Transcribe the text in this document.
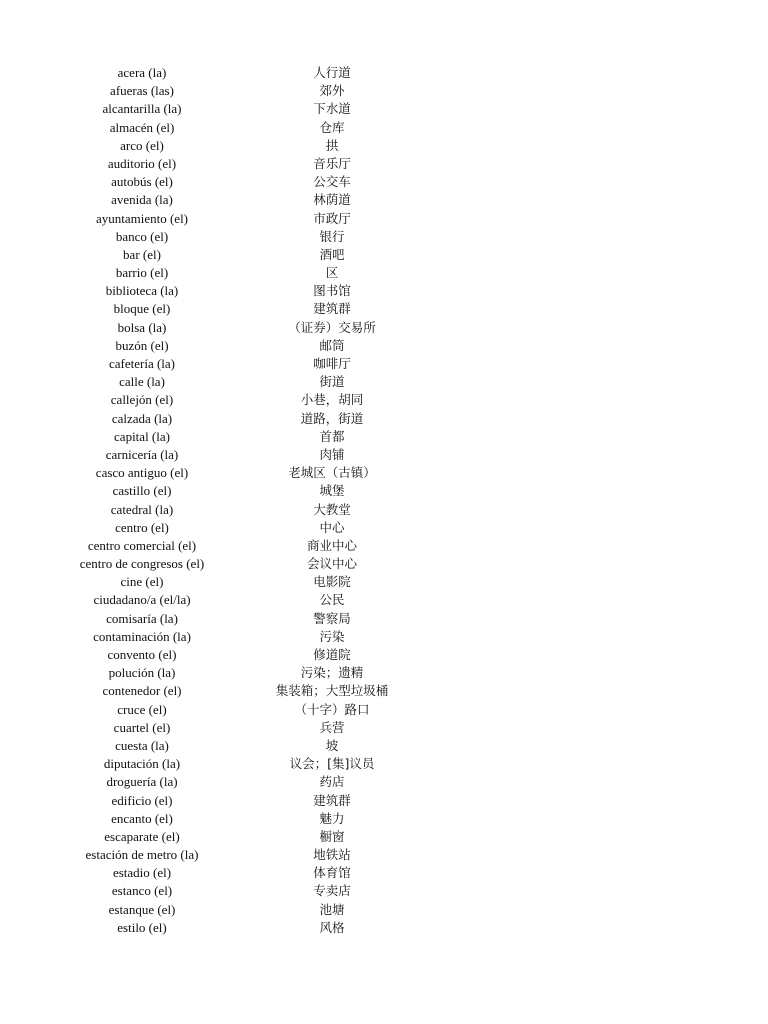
acera (la)	人行道
afueras (las)	郊外
alcantarilla (la)	下水道
almacén (el)	仓库
arco (el)	拱
auditorio (el)	音乐厅
autobús (el)	公交车
avenida (la)	林荫道
ayuntamiento (el)	市政厅
banco (el)	银行
bar (el)	酒吧
barrio (el)	区
biblioteca (la)	图书馆
bloque (el)	建筑群
bolsa (la)	（证券）交易所
buzón (el)	邮筒
cafetería (la)	咖啡厅
calle (la)	街道
callejón (el)	小巷，胡同
calzada (la)	道路，街道
capital (la)	首都
carnicería (la)	肉铺
casco antiguo (el)	老城区（古镇）
castillo (el)	城堡
catedral (la)	大教堂
centro (el)	中心
centro comercial (el)	商业中心
centro de congresos (el)	会议中心
cine (el)	电影院
ciudadano/a (el/la)	公民
comisaría (la)	警察局
contaminación (la)	污染
convento (el)	修道院
polución (la)	污染；遗精
contenedor (el)	集装箱；大型垃圾桶
cruce (el)	（十字）路口
cuartel (el)	兵营
cuesta (la)	坡
diputación (la)	议会；[集]议员
droguería (la)	药店
edificio (el)	建筑群
encanto (el)	魅力
escaparate (el)	橱窗
estación de metro (la)	地铁站
estadio (el)	体育馆
estanco (el)	专卖店
estanque (el)	池塘
estilo (el)	风格
